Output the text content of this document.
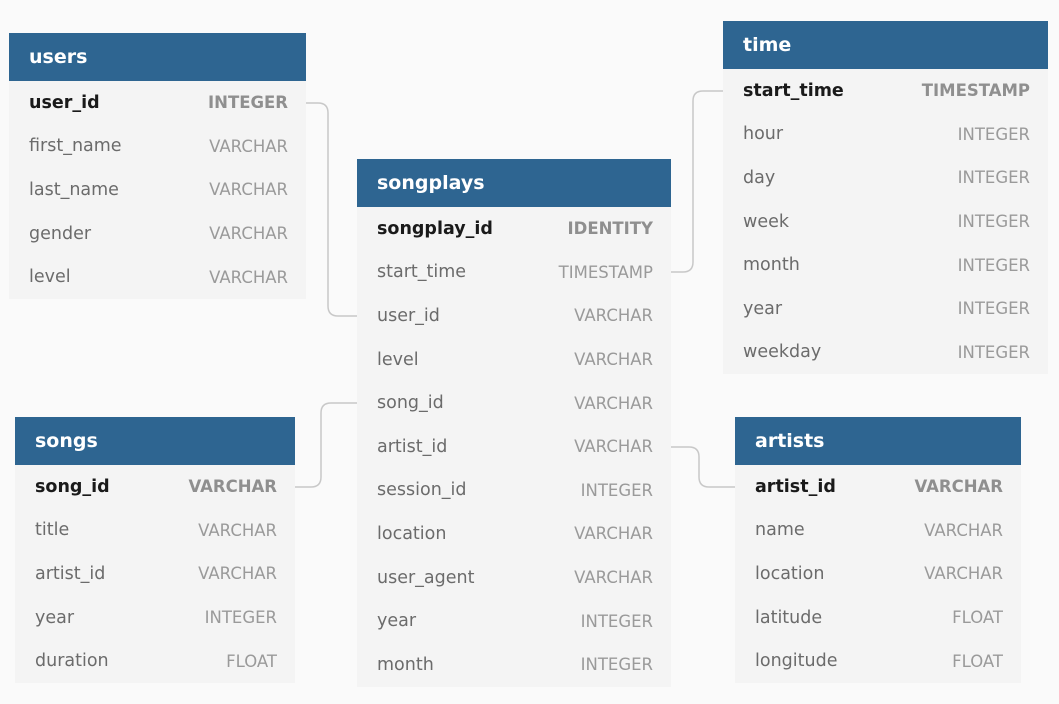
users
user_id	INTEGER
first_name	VARCHAR
last_name	VARCHAR
gender	VARCHAR
level	VARCHAR
time
start_time	TIMESTAMP
hour	INTEGER
day	INTEGER
week	INTEGER
month	INTEGER
year	INTEGER
weekday	INTEGER
songplays
songplay_id	IDENTITY
start_time	TIMESTAMP
user_id	VARCHAR
level	VARCHAR
song_id	VARCHAR
artist_id	VARCHAR
session_id	INTEGER
location	VARCHAR
user_agent	VARCHAR
year	INTEGER
month	INTEGER
songs
song_id	VARCHAR
title	VARCHAR
artist_id	VARCHAR
year	INTEGER
duration	FLOAT
artists
artist_id	VARCHAR
name	VARCHAR
location	VARCHAR
latitude	FLOAT
longitude	FLOAT
